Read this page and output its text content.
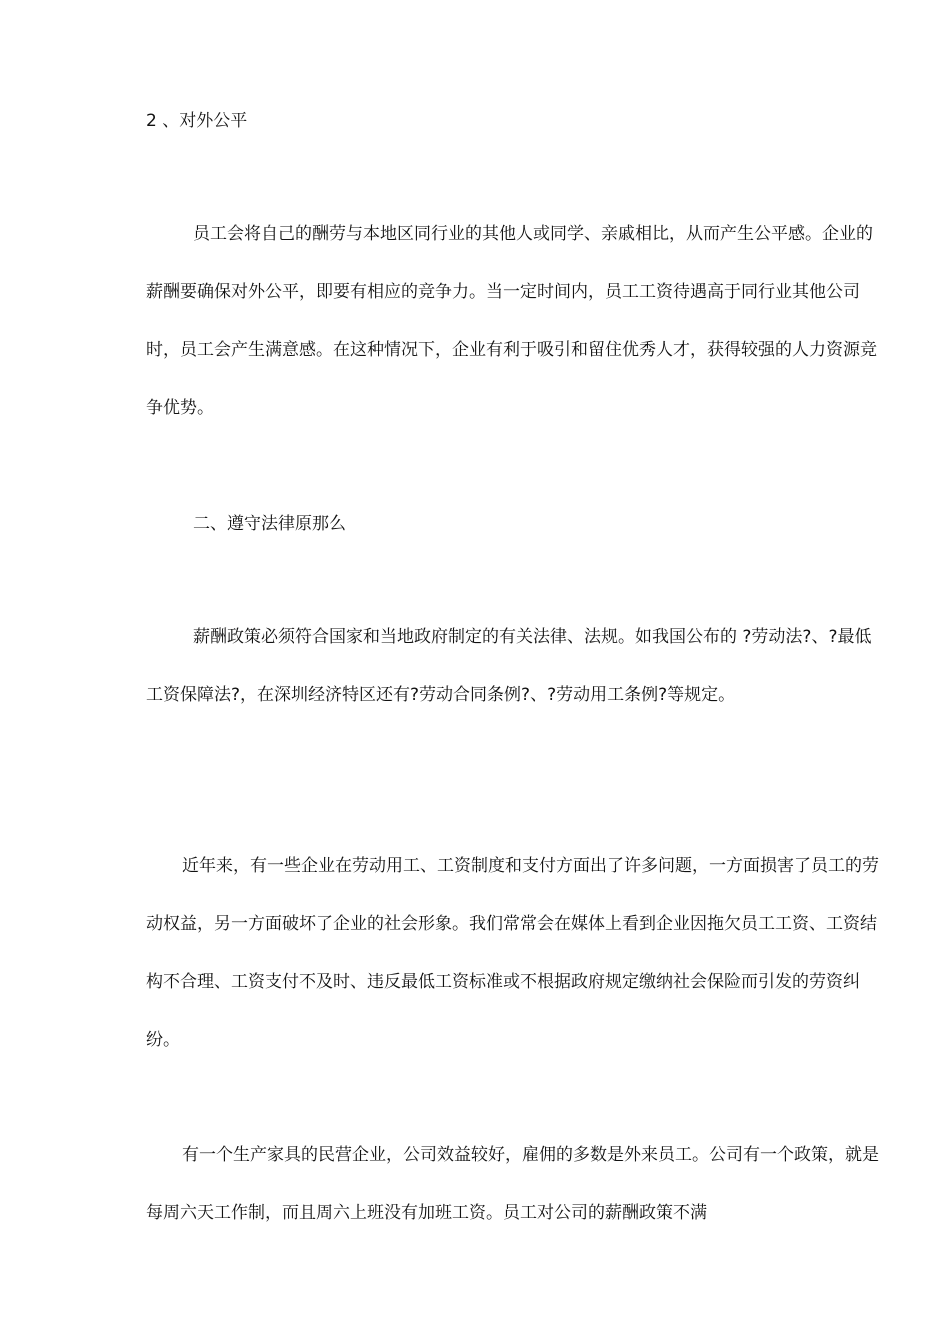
2 、对外公平

员工会将自己的酬劳与本地区同行业的其他人或同学、亲戚相比，从而产生公平感。企业的薪酬要确保对外公平，即要有相应的竞争力。当一定时间内，员工工资待遇高于同行业其他公司时，员工会产生满意感。在这种情况下，企业有利于吸引和留住优秀人才，获得较强的人力资源竞争优势。

二、遵守法律原那么

薪酬政策必须符合国家和当地政府制定的有关法律、法规。如我国公布的 ?劳动法?、?最低工资保障法?，在深圳经济特区还有?劳动合同条例?、?劳动用工条例?等规定。

近年来，有一些企业在劳动用工、工资制度和支付方面出了许多问题，一方面损害了员工的劳动权益，另一方面破坏了企业的社会形象。我们常常会在媒体上看到企业因拖欠员工工资、工资结构不合理、工资支付不及时、违反最低工资标准或不根据政府规定缴纳社会保险而引发的劳资纠纷。

有一个生产家具的民营企业，公司效益较好，雇佣的多数是外来员工。公司有一个政策，就是每周六天工作制，而且周六上班没有加班工资。员工对公司的薪酬政策不满
